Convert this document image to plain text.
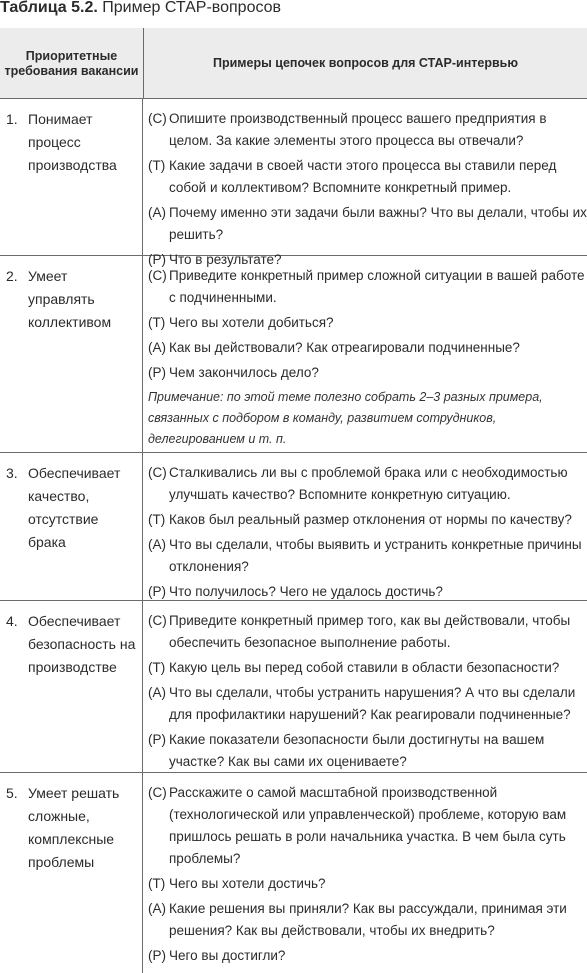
Таблица 5.2. Пример СТАР-вопросов
Приоритетные требования вакансии
Примеры цепочек вопросов для СТАР-интервью
1. Понимает процесс производства
(С) Опишите производственный процесс вашего предприятия в целом. За какие элементы этого процесса вы отвечали?
(Т) Какие задачи в своей части этого процесса вы ставили перед собой и коллективом? Вспомните конкретный пример.
(А) Почему именно эти задачи были важны? Что вы делали, чтобы их решить?
(Р) Что в результате?
2. Умеет управлять коллективом
(С) Приведите конкретный пример сложной ситуации в вашей работе с подчиненными.
(Т) Чего вы хотели добиться?
(А) Как вы действовали? Как отреагировали подчиненные?
(Р) Чем закончилось дело?
Примечание: по этой теме полезно собрать 2–3 разных примера, связанных с подбором в команду, развитием сотрудников, делегированием и т. п.
3. Обеспечивает качество, отсутствие брака
(С) Сталкивались ли вы с проблемой брака или с необходимостью улучшать качество? Вспомните конкретную ситуацию.
(Т) Каков был реальный размер отклонения от нормы по качеству?
(А) Что вы сделали, чтобы выявить и устранить конкретные причины отклонения?
(Р) Что получилось? Чего не удалось достичь?
4. Обеспечивает безопасность на производстве
(С) Приведите конкретный пример того, как вы действовали, чтобы обеспечить безопасное выполнение работы.
(Т) Какую цель вы перед собой ставили в области безопасности?
(А) Что вы сделали, чтобы устранить нарушения? А что вы сделали для профилактики нарушений? Как реагировали подчиненные?
(Р) Какие показатели безопасности были достигнуты на вашем участке? Как вы сами их оцениваете?
5. Умеет решать сложные, комплексные проблемы
(С) Расскажите о самой масштабной производственной (технологической или управленческой) проблеме, которую вам пришлось решать в роли начальника участка. В чем была суть проблемы?
(Т) Чего вы хотели достичь?
(А) Какие решения вы приняли? Как вы рассуждали, принимая эти решения? Как вы действовали, чтобы их внедрить?
(Р) Чего вы достигли?
